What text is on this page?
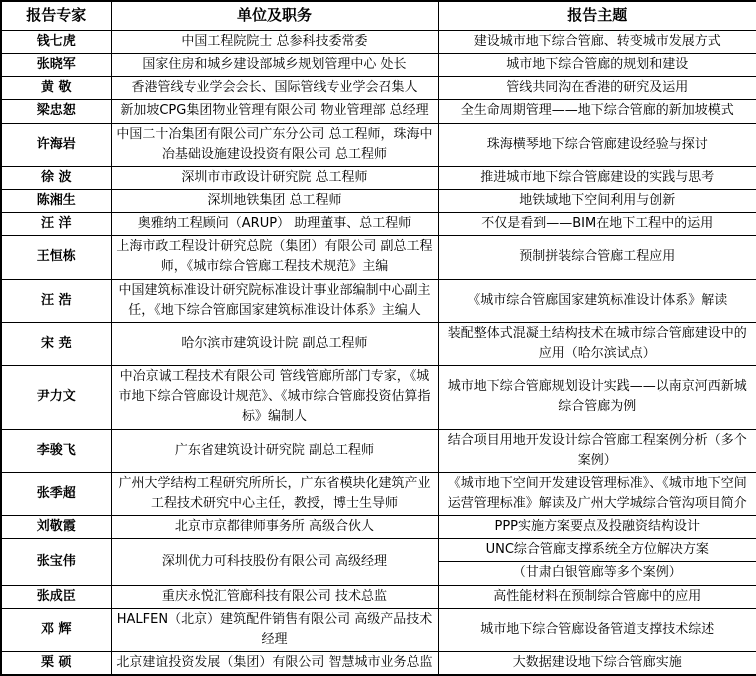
报告专家	单位及职务	报告主题
钱七虎	中国工程院院士 总参科技委常委	建设城市地下综合管廊、转变城市发展方式
张晓军	国家住房和城乡建设部城乡规划管理中心 处长	城市地下综合管廊的规划和建设
黄 敬	香港管线专业学会会长、国际管线专业学会召集人	管线共同沟在香港的研究及运用
梁忠恕	新加坡CPG集团物业管理有限公司 物业管理部 总经理	全生命周期管理——地下综合管廊的新加坡模式
许海岩	中国二十冶集团有限公司广东分公司 总工程师，珠海中冶基础设施建设投资有限公司 总工程师	珠海横琴地下综合管廊建设经验与探讨
徐 波	深圳市市政设计研究院 总工程师	推进城市地下综合管廊建设的实践与思考
陈湘生	深圳地铁集团 总工程师	地铁域地下空间利用与创新
汪 洋	奥雅纳工程顾问（ARUP） 助理董事、总工程师	不仅是看到——BIM在地下工程中的运用
王恒栋	上海市政工程设计研究总院（集团）有限公司 副总工程师，《城市综合管廊工程技术规范》主编	预制拼装综合管廊工程应用
汪 浩	中国建筑标准设计研究院标准设计事业部编制中心副主任，《地下综合管廊国家建筑标准设计体系》主编人	《城市综合管廊国家建筑标准设计体系》解读
宋 尭	哈尔滨市建筑设计院 副总工程师	装配整体式混凝土结构技术在城市综合管廊建设中的应用（哈尔滨试点）
尹力文	中冶京诚工程技术有限公司 管线管廊所部门专家，《城市地下综合管廊设计规范》、《城市综合管廊投资估算指标》编制人	城市地下综合管廊规划设计实践——以南京河西新城综合管廊为例
李骏飞	广东省建筑设计研究院 副总工程师	结合项目用地开发设计综合管廊工程案例分析（多个案例）
张季超	广州大学结构工程研究所所长，广东省模块化建筑产业工程技术研究中心主任，教授，博士生导师	《城市地下空间开发建设管理标准》、《城市地下空间运营管理标准》解读及广州大学城综合管沟项目简介
刘敬霞	北京市京都律师事务所 高级合伙人	PPP实施方案要点及投融资结构设计
张宝伟	深圳优力可科技股份有限公司 高级经理	UNC综合管廊支撑系统全方位解决方案
		（甘肃白银管廊等多个案例）
张成臣	重庆永悦汇管廊科技有限公司 技术总监	高性能材料在预制综合管廊中的应用
邓 辉	HALFEN（北京）建筑配件销售有限公司 高级产品技术经理	城市地下综合管廊设备管道支撑技术综述
栗 硕	北京建谊投资发展（集团）有限公司 智慧城市业务总监	大数据建设地下综合管廊实施
